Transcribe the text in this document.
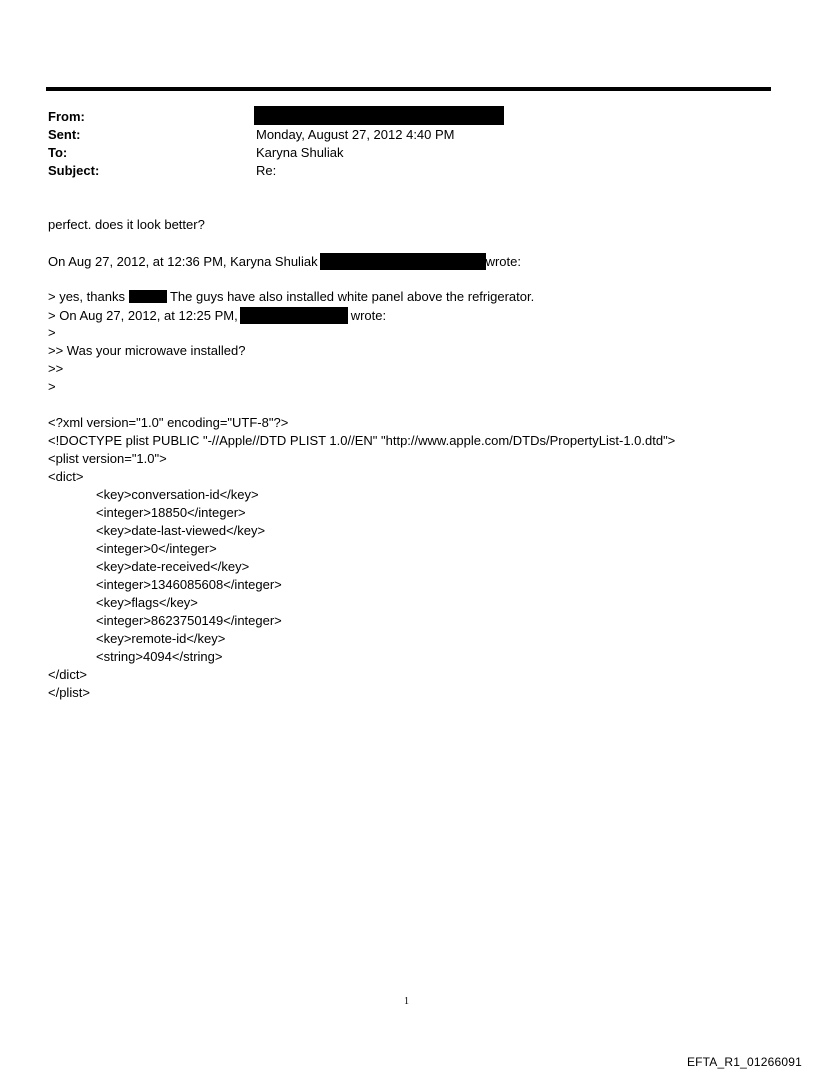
From:
Sent:	Monday, August 27, 2012 4:40 PM
To:	Karyna Shuliak
Subject:	Re:
perfect. does it look better?
On Aug 27, 2012, at 12:36 PM, Karyna Shuliak	wrote:
> yes, thanks	The guys have also installed white panel above the refrigerator.
> On Aug 27, 2012, at 12:25 PM,	wrote:
>
>> Was your microwave installed?
>>
>
<?xml version="1.0" encoding="UTF-8"?>
<!DOCTYPE plist PUBLIC "-//Apple//DTD PLIST 1.0//EN" "http://www.apple.com/DTDs/PropertyList-1.0.dtd">
<plist version="1.0">
<dict>
<key>conversation-id</key>
<integer>18850</integer>
<key>date-last-viewed</key>
<integer>0</integer>
<key>date-received</key>
<integer>1346085608</integer>
<key>flags</key>
<integer>8623750149</integer>
<key>remote-id</key>
<string>4094</string>
</dict>
</plist>
1
EFTA_R1_01266091
